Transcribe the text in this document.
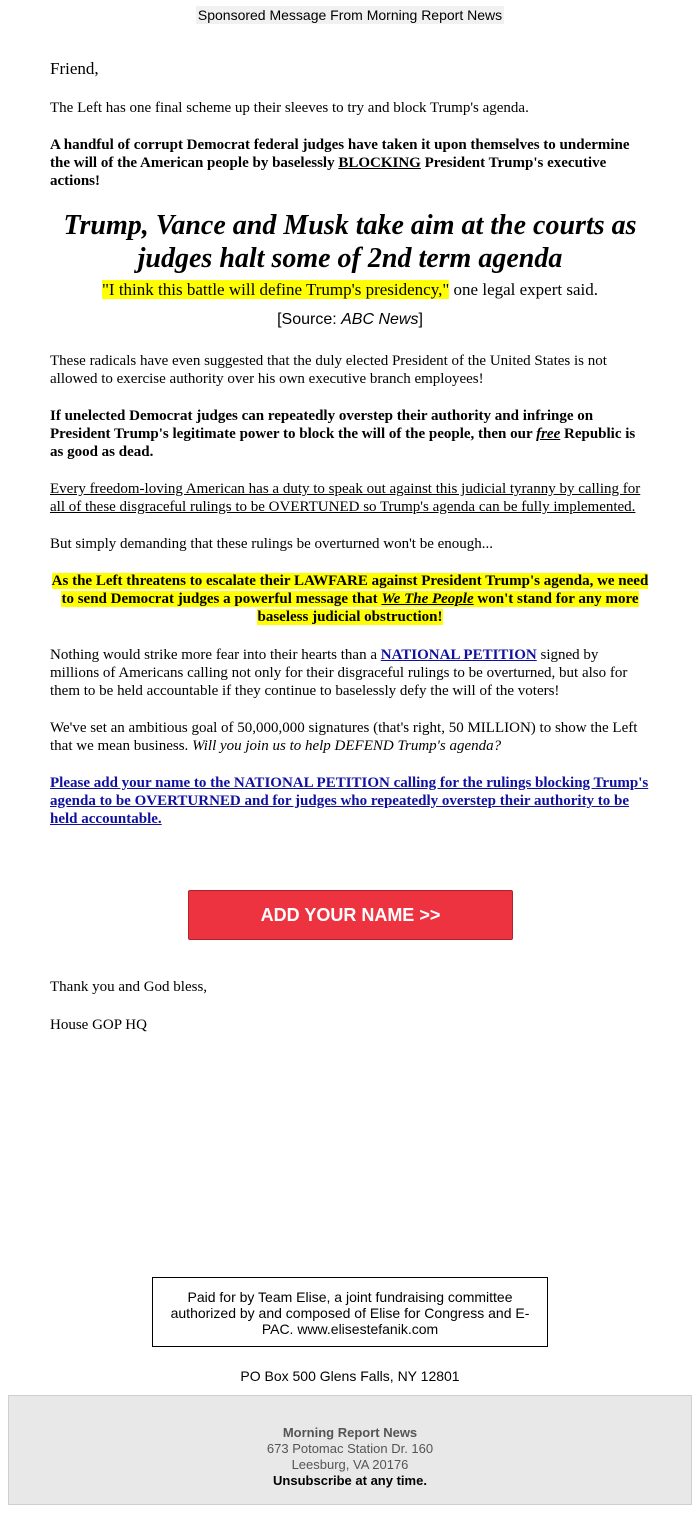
Sponsored Message From Morning Report News

Friend,

The Left has one final scheme up their sleeves to try and block Trump's agenda.

A handful of corrupt Democrat federal judges have taken it upon themselves to undermine the will of the American people by baselessly BLOCKING President Trump's executive actions!

Trump, Vance and Musk take aim at the courts as judges halt some of 2nd term agenda

"I think this battle will define Trump's presidency," one legal expert said.

[Source: ABC News]

These radicals have even suggested that the duly elected President of the United States is not allowed to exercise authority over his own executive branch employees!

If unelected Democrat judges can repeatedly overstep their authority and infringe on President Trump's legitimate power to block the will of the people, then our free Republic is as good as dead.

Every freedom-loving American has a duty to speak out against this judicial tyranny by calling for all of these disgraceful rulings to be OVERTUNED so Trump's agenda can be fully implemented.

But simply demanding that these rulings be overturned won't be enough...

As the Left threatens to escalate their LAWFARE against President Trump's agenda, we need to send Democrat judges a powerful message that We The People won't stand for any more baseless judicial obstruction!

Nothing would strike more fear into their hearts than a NATIONAL PETITION signed by millions of Americans calling not only for their disgraceful rulings to be overturned, but also for them to be held accountable if they continue to baselessly defy the will of the voters!

We've set an ambitious goal of 50,000,000 signatures (that's right, 50 MILLION) to show the Left that we mean business. Will you join us to help DEFEND Trump's agenda?

Please add your name to the NATIONAL PETITION calling for the rulings blocking Trump's agenda to be OVERTURNED and for judges who repeatedly overstep their authority to be held accountable.

ADD YOUR NAME >>

Thank you and God bless,

House GOP HQ

Paid for by Team Elise, a joint fundraising committee authorized by and composed of Elise for Congress and E-PAC. www.elisestefanik.com
PO Box 500 Glens Falls, NY 12801
Morning Report News
673 Potomac Station Dr. 160
Leesburg, VA 20176
Unsubscribe at any time.
